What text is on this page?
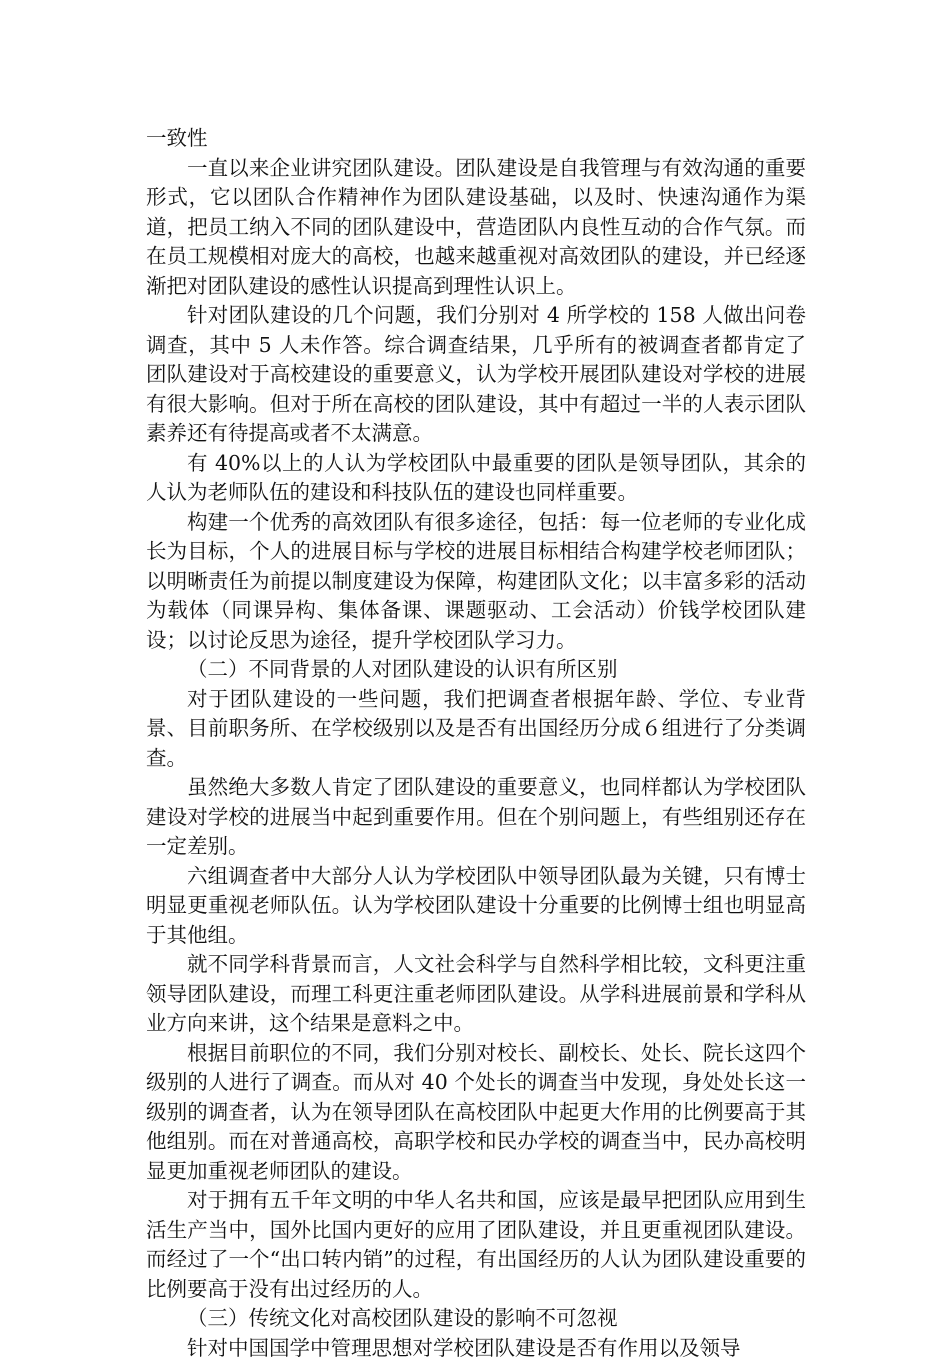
一致性

一直以来企业讲究团队建设。团队建设是自我管理与有效沟通的重要形式，它以团队合作精神作为团队建设基础，以及时、快速沟通作为渠道，把员工纳入不同的团队建设中，营造团队内良性互动的合作气氛。而在员工规模相对庞大的高校，也越来越重视对高效团队的建设，并已经逐渐把对团队建设的感性认识提高到理性认识上。

针对团队建设的几个问题，我们分别对 4 所学校的 158 人做出问卷调查，其中 5 人未作答。综合调查结果，几乎所有的被调查者都肯定了团队建设对于高校建设的重要意义，认为学校开展团队建设对学校的进展有很大影响。但对于所在高校的团队建设，其中有超过一半的人表示团队素养还有待提高或者不太满意。

有 40%以上的人认为学校团队中最重要的团队是领导团队，其余的人认为老师队伍的建设和科技队伍的建设也同样重要。

构建一个优秀的高效团队有很多途径，包括：每一位老师的专业化成长为目标，个人的进展目标与学校的进展目标相结合构建学校老师团队；以明晰责任为前提以制度建设为保障，构建团队文化；以丰富多彩的活动为载体（同课异构、集体备课、课题驱动、工会活动）价钱学校团队建设；以讨论反思为途径，提升学校团队学习力。

（二）不同背景的人对团队建设的认识有所区别

对于团队建设的一些问题，我们把调查者根据年龄、学位、专业背景、目前职务所、在学校级别以及是否有出国经历分成６组进行了分类调查。

虽然绝大多数人肯定了团队建设的重要意义，也同样都认为学校团队建设对学校的进展当中起到重要作用。但在个别问题上，有些组别还存在一定差别。

六组调查者中大部分人认为学校团队中领导团队最为关键，只有博士明显更重视老师队伍。认为学校团队建设十分重要的比例博士组也明显高于其他组。

就不同学科背景而言，人文社会科学与自然科学相比较，文科更注重领导团队建设，而理工科更注重老师团队建设。从学科进展前景和学科从业方向来讲，这个结果是意料之中。

根据目前职位的不同，我们分别对校长、副校长、处长、院长这四个级别的人进行了调查。而从对 40 个处长的调查当中发现，身处处长这一级别的调查者，认为在领导团队在高校团队中起更大作用的比例要高于其他组别。而在对普通高校，高职学校和民办学校的调查当中，民办高校明显更加重视老师团队的建设。

对于拥有五千年文明的中华人名共和国，应该是最早把团队应用到生活生产当中，国外比国内更好的应用了团队建设，并且更重视团队建设。而经过了一个“出口转内销”的过程，有出国经历的人认为团队建设重要的比例要高于没有出过经历的人。

（三）传统文化对高校团队建设的影响不可忽视

针对中国国学中管理思想对学校团队建设是否有作用以及领导
